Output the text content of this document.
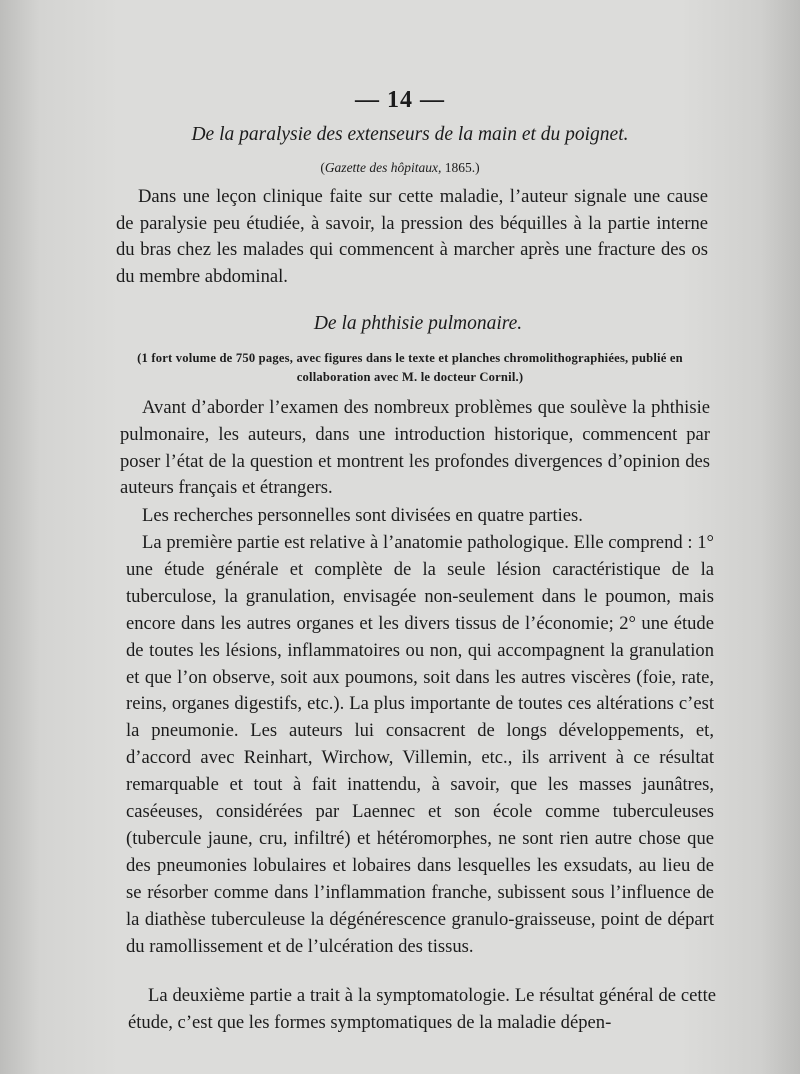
— 14 —
De la paralysie des extenseurs de la main et du poignet.
(Gazette des hôpitaux, 1865.)
Dans une leçon clinique faite sur cette maladie, l’auteur signale une cause de paralysie peu étudiée, à savoir, la pression des béquilles à la partie interne du bras chez les malades qui commencent à marcher après une fracture des os du membre abdominal.
De la phthisie pulmonaire.
(1 fort volume de 750 pages, avec figures dans le texte et planches chromolithographiées, publié en collaboration avec M. le docteur Cornil.)
Avant d’aborder l’examen des nombreux problèmes que soulève la phthisie pulmonaire, les auteurs, dans une introduction historique, commencent par poser l’état de la question et montrent les profondes divergences d’opinion des auteurs français et étrangers.
Les recherches personnelles sont divisées en quatre parties.
La première partie est relative à l’anatomie pathologique. Elle comprend : 1° une étude générale et complète de la seule lésion caractéristique de la tuberculose, la granulation, envisagée non-seulement dans le poumon, mais encore dans les autres organes et les divers tissus de l’économie; 2° une étude de toutes les lésions, inflammatoires ou non, qui accompagnent la granulation et que l’on observe, soit aux poumons, soit dans les autres viscères (foie, rate, reins, organes digestifs, etc.). La plus importante de toutes ces altérations c’est la pneumonie. Les auteurs lui consacrent de longs développements, et, d’accord avec Reinhart, Wirchow, Villemin, etc., ils arrivent à ce résultat remarquable et tout à fait inattendu, à savoir, que les masses jaunâtres, caséeuses, considérées par Laennec et son école comme tuberculeuses (tubercule jaune, cru, infiltré) et hétéromorphes, ne sont rien autre chose que des pneumonies lobulaires et lobaires dans lesquelles les exsudats, au lieu de se résorber comme dans l’inflammation franche, subissent sous l’influence de la diathèse tuberculeuse la dégénérescence granulo-graisseuse, point de départ du ramollissement et de l’ulcération des tissus.
La deuxième partie a trait à la symptomatologie. Le résultat général de cette étude, c’est que les formes symptomatiques de la maladie dépen-
